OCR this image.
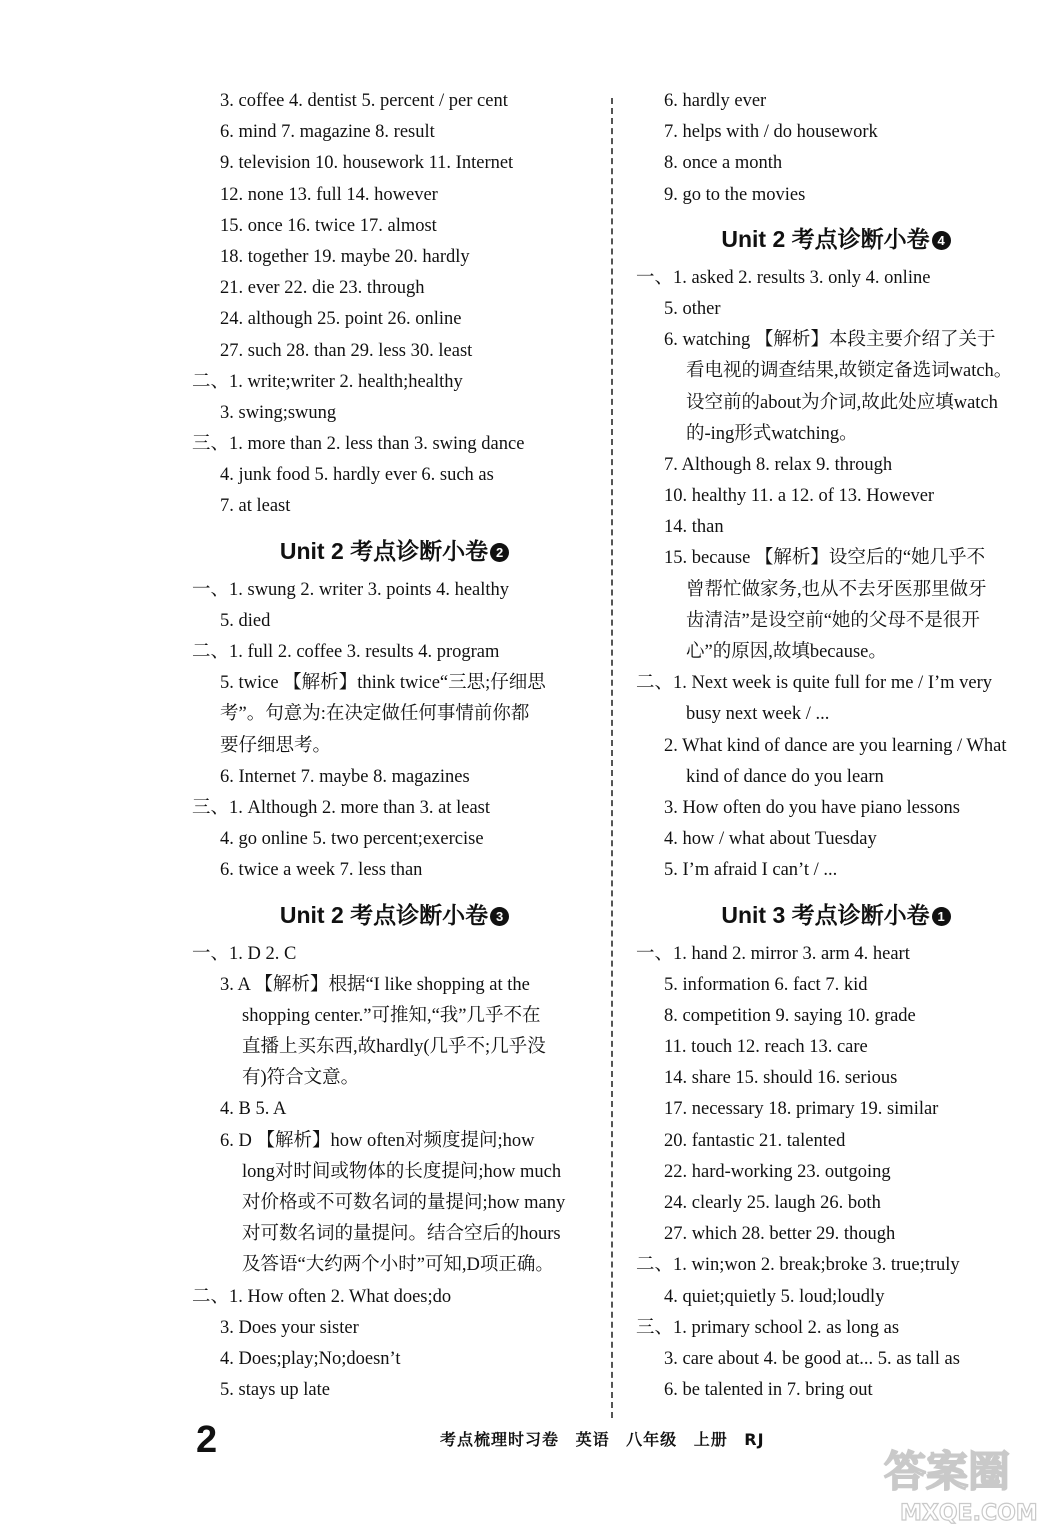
3. coffee 4. dentist 5. percent / per cent
6. mind 7. magazine 8. result
9. television 10. housework 11. Internet
12. none 13. full 14. however
15. once 16. twice 17. almost
18. together 19. maybe 20. hardly
21. ever 22. die 23. through
24. although 25. point 26. online
27. such 28. than 29. less 30. least
二、1. write;writer 2. health;healthy
3. swing;swung
三、1. more than 2. less than 3. swing dance
4. junk food 5. hardly ever 6. such as
7. at least
Unit 2 考点诊断小卷 2
一、1. swung 2. writer 3. points 4. healthy
5. died
二、1. full 2. coffee 3. results 4. program
5. twice 【解析】think twice“三思;仔细思
考”。句意为:在决定做任何事情前你都
要仔细思考。
6. Internet 7. maybe 8. magazines
三、1. Although 2. more than 3. at least
4. go online 5. two percent;exercise
6. twice a week 7. less than
Unit 2 考点诊断小卷 3
一、1. D 2. C
3. A 【解析】根据“I like shopping at the
shopping center.”可推知,“我”几乎不在
直播上买东西,故hardly(几乎不;几乎没
有)符合文意。
4. B 5. A
6. D 【解析】how often对频度提问;how
long对时间或物体的长度提问;how much
对价格或不可数名词的量提问;how many
对可数名词的量提问。结合空后的hours
及答语“大约两个小时”可知,D项正确。
二、1. How often 2. What does;do
3. Does your sister
4. Does;play;No;doesn’t
5. stays up late
6. hardly ever
7. helps with / do housework
8. once a month
9. go to the movies
Unit 2 考点诊断小卷 4
一、1. asked 2. results 3. only 4. online
5. other
6. watching 【解析】本段主要介绍了关于
看电视的调查结果,故锁定备选词watch。
设空前的about为介词,故此处应填watch
的-ing形式watching。
7. Although 8. relax 9. through
10. healthy 11. a 12. of 13. However
14. than
15. because 【解析】设空后的“她几乎不
曾帮忙做家务,也从不去牙医那里做牙
齿清洁”是设空前“她的父母不是很开
心”的原因,故填because。
二、1. Next week is quite full for me / I’m very
busy next week / ...
2. What kind of dance are you learning / What
kind of dance do you learn
3. How often do you have piano lessons
4. how / what about Tuesday
5. I’m afraid I can’t / ...
Unit 3 考点诊断小卷 1
一、1. hand 2. mirror 3. arm 4. heart
5. information 6. fact 7. kid
8. competition 9. saying 10. grade
11. touch 12. reach 13. care
14. share 15. should 16. serious
17. necessary 18. primary 19. similar
20. fantastic 21. talented
22. hard-working 23. outgoing
24. clearly 25. laugh 26. both
27. which 28. better 29. though
二、1. win;won 2. break;broke 3. true;truly
4. quiet;quietly 5. loud;loudly
三、1. primary school 2. as long as
3. care about 4. be good at... 5. as tall as
6. be talented in 7. bring out
2	考点梳理时习卷 英语 八年级 上册 RJ
答案圈
MXQE.COM
